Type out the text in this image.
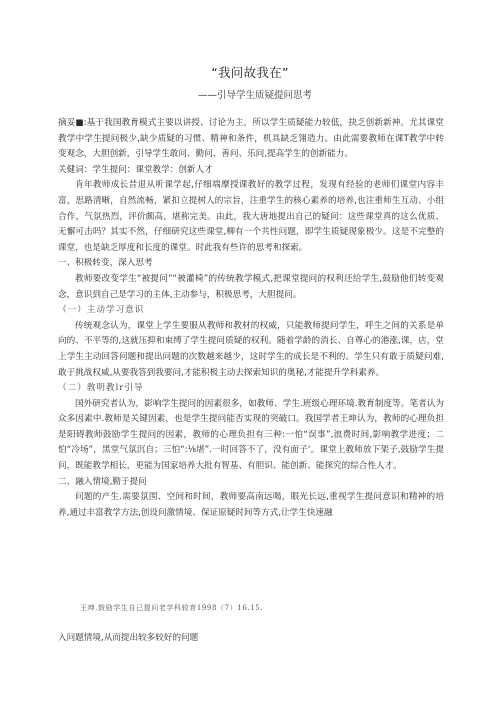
“我问故我在”
——引导学生质疑提问思考

摘妥■:基于我国教育模式主要以讲授、讨论为主，所以学生质疑能力较低，抉乏创新新神。尤其课堂教学中学生提问极少,缺少质疑的习惯、精神和条件，机具缺乏翎造力。由此需要教师在课T教学中转变观念，大胆创新，引导学生敢问、勤问、善问、乐问,提高学生的创新能力。

关健词：学生提问：课堂教学：创新人才

肯年教师成长昔退从听课学起,仔细端摩授课教好的教学过程，发现有经验的老师们课堂内容丰富，思路清晰，自然流畅，紧扣立提树人的宗旨，注重学生的核心素养的培养,也注重师生互动、小组合作，气氛热烈，评价颇高，堪称完美。由此，我大唐地提出自己的疑问：这些课堂真的这么优质、无懈可击吗？其实不然，仔细研究这些课堂,柳有一个共性问题，即学生质疑现象极少。这是不完整的课堂，也是缺乏厚度和长度的课堂。时此我有些许的思考和探索。

一、积极转变，深入思考

教师要改变学生“被提问”“被灌椅”的传统教学模式,把课堂提问的权利还给学生,鼓励他们转变观念，意识到自己是学习的主体,主动参与，积极思考，大胆提问。

（一）主动学习意识

传统观念认为，课堂上学生要服从教师和教材的权威，只能教师提问学生，呼生之间的关系是单向的、不平等的,这就压抑和束缚了学生提问质疑的权利。随着学龄的消长、自尊心的港涨,课，店，堂上学生主动回答问题和提出问题的次数越来越少，这时学生的成长是不利的。学生只有敢于质疑问难,敢于挑战权威,从要我答到我要问,才能积极主动去探索知识的奥秘,才能提升学科素养。

（二）敎明教lr引导

国外研究者认为，影响学生提问的因素很多，如教师、学生.班级心理环境.教育制度等。笔者认为众多因素中.教师是关键因素，也是学生提问能否实现的突破口。我国学者王坤认为，教师的心理负担是阳碍教师鼓励学生提问的因素，教师的心理负担有三种:一怕“误事”,浪费时间,影响教学进度；二怕“冷场”，黑堂气氛沉自；三怕“:⅛堪”.一时回答不了，没有面子‘。课堂上教师放下架子,鼓励学生提问，既能教学相长，更能为国家培养大批有智基、有胆识、能创新、能探究的综合性人才。

二、融入情境,勤于提问

问题的产生.需要氛围、空间和时间，教师要高南远喝，眼光长远,重视学生提问意识和精神的培养,通过丰富教学方法,创设问激情境、保证原疑时间等方式,让学生快速融

王坤.鼓励学生自己提问老学科较育1998（7）16.15.
入问题情境,从而提出较多较好的问题
